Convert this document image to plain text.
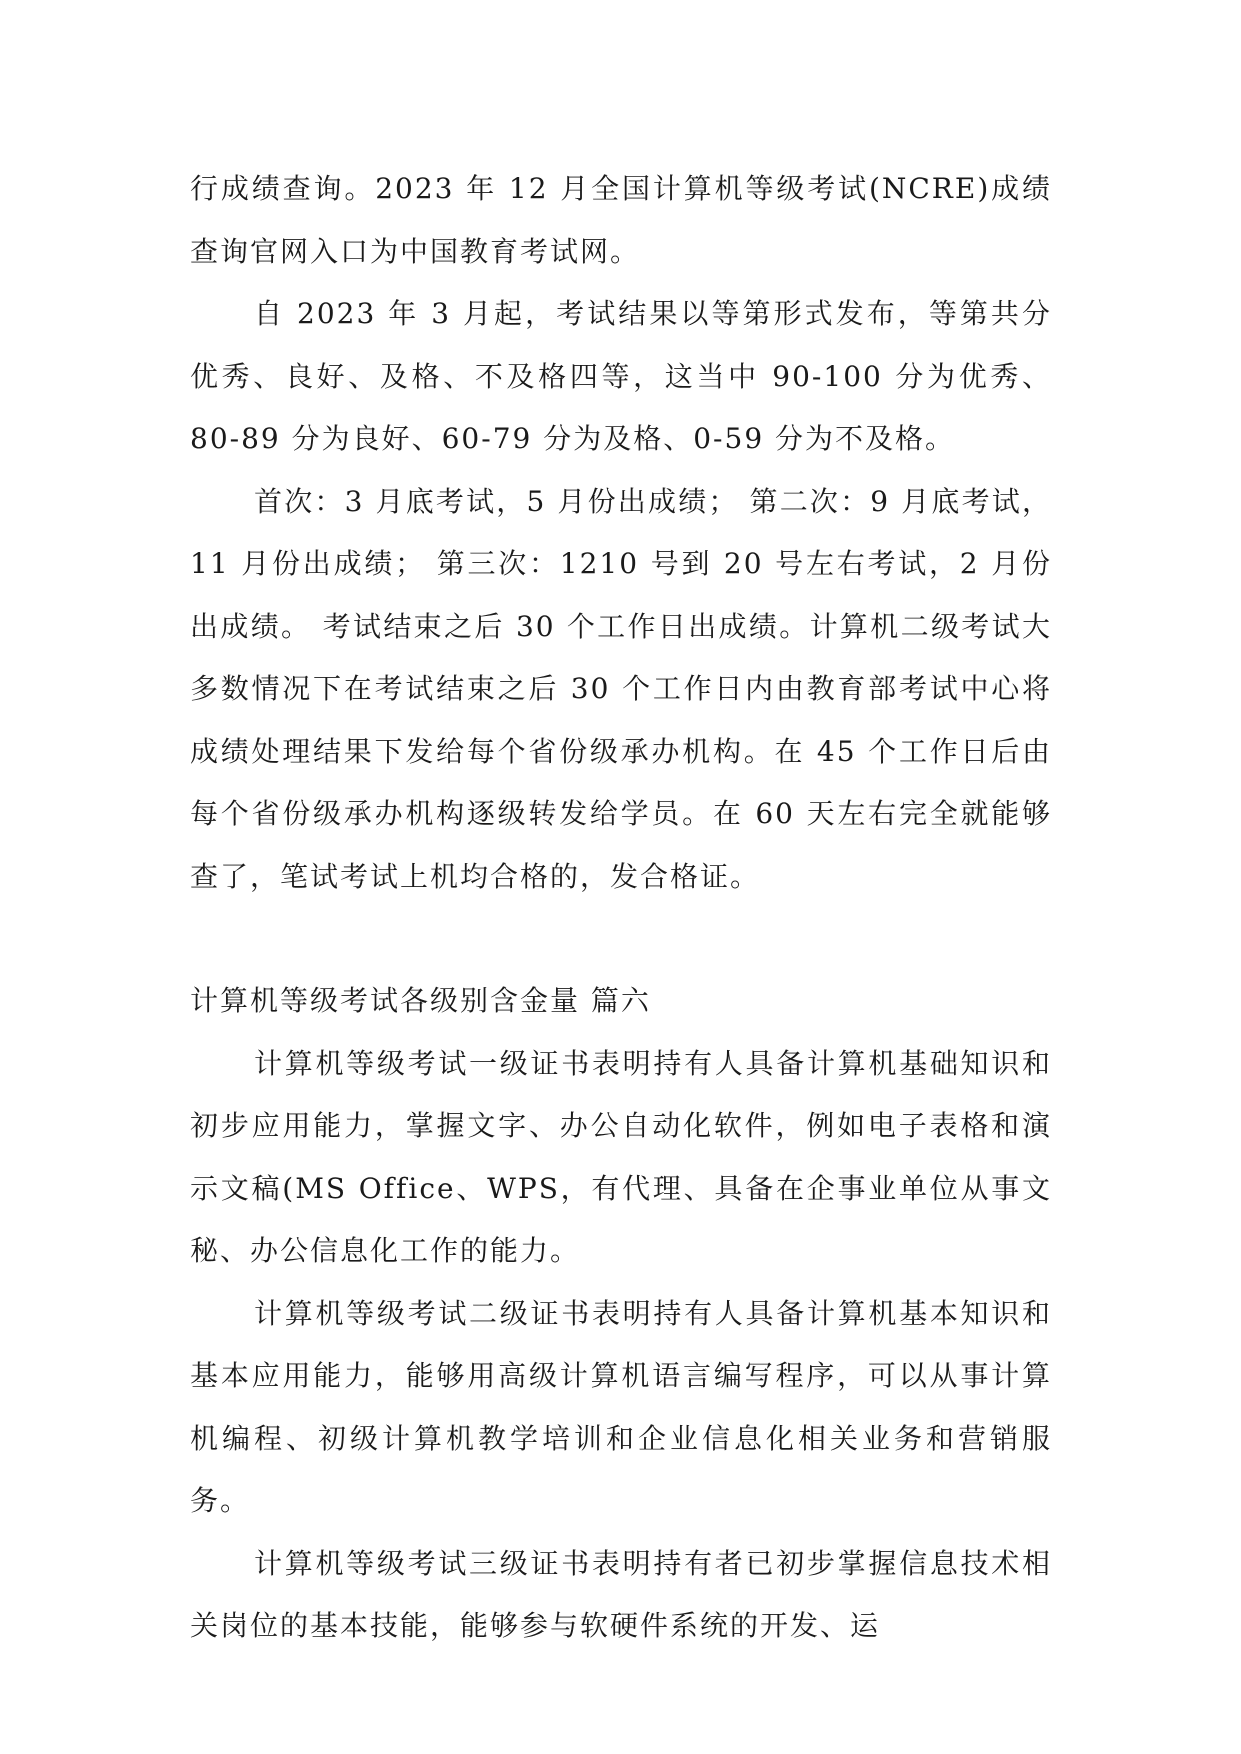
行成绩查询。2023 年 12 月全国计算机等级考试(NCRE)成绩查询官网入口为中国教育考试网。

自 2023 年 3 月起，考试结果以等第形式发布，等第共分优秀、良好、及格、不及格四等，这当中 90-100 分为优秀、80-89 分为良好、60-79 分为及格、0-59 分为不及格。

首次：3 月底考试，5 月份出成绩； 第二次：9 月底考试，11 月份出成绩； 第三次：1210 号到 20 号左右考试，2 月份出成绩。 考试结束之后 30 个工作日出成绩。计算机二级考试大多数情况下在考试结束之后 30 个工作日内由教育部考试中心将成绩处理结果下发给每个省份级承办机构。在 45 个工作日后由每个省份级承办机构逐级转发给学员。在 60 天左右完全就能够查了，笔试考试上机均合格的，发合格证。

计算机等级考试各级别含金量 篇六

计算机等级考试一级证书表明持有人具备计算机基础知识和初步应用能力，掌握文字、办公自动化软件，例如电子表格和演示文稿(MS Office、WPS，有代理、具备在企事业单位从事文秘、办公信息化工作的能力。

计算机等级考试二级证书表明持有人具备计算机基本知识和基本应用能力，能够用高级计算机语言编写程序，可以从事计算机编程、初级计算机教学培训和企业信息化相关业务和营销服务。

计算机等级考试三级证书表明持有者已初步掌握信息技术相关岗位的基本技能，能够参与软硬件系统的开发、运
